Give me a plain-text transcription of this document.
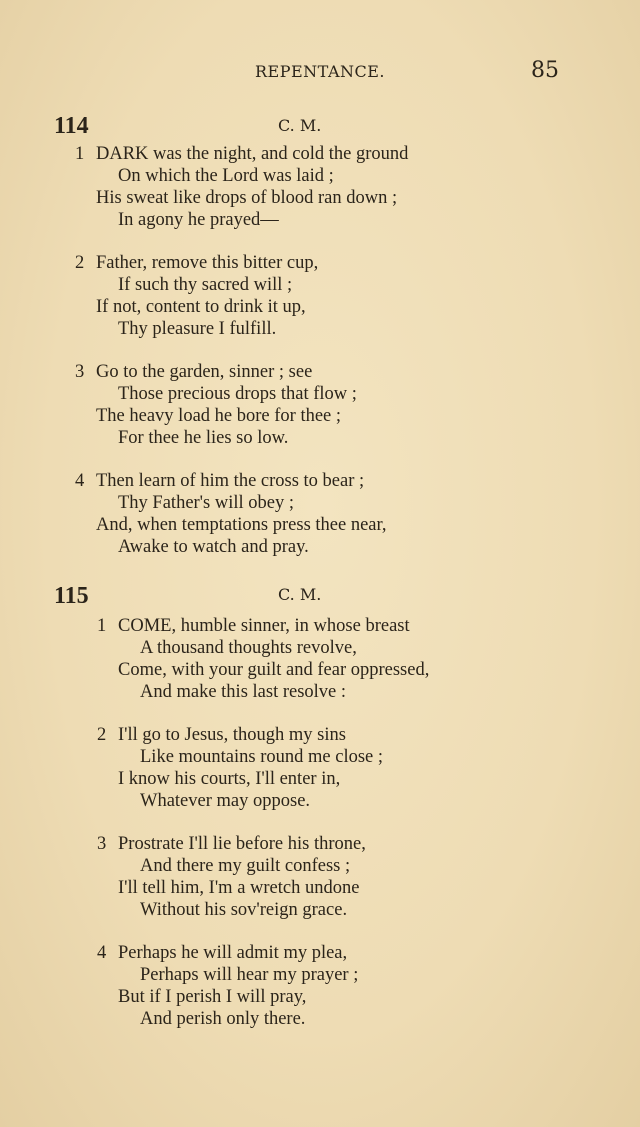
REPENTANCE.	85
114	C. M.
115	C. M.
1 DARK was the night, and cold the ground
On which the Lord was laid ;
His sweat like drops of blood ran down ;
In agony he prayed—
2 Father, remove this bitter cup,
If such thy sacred will ;
If not, content to drink it up,
Thy pleasure I fulfill.
3 Go to the garden, sinner ; see
Those precious drops that flow ;
The heavy load he bore for thee ;
For thee he lies so low.
4 Then learn of him the cross to bear ;
Thy Father's will obey ;
And, when temptations press thee near,
Awake to watch and pray.
1 COME, humble sinner, in whose breast
A thousand thoughts revolve,
Come, with your guilt and fear oppressed,
And make this last resolve :
2 I'll go to Jesus, though my sins
Like mountains round me close ;
I know his courts, I'll enter in,
Whatever may oppose.
3 Prostrate I'll lie before his throne,
And there my guilt confess ;
I'll tell him, I'm a wretch undone
Without his sov'reign grace.
4 Perhaps he will admit my plea,
Perhaps will hear my prayer ;
But if I perish I will pray,
And perish only there.
